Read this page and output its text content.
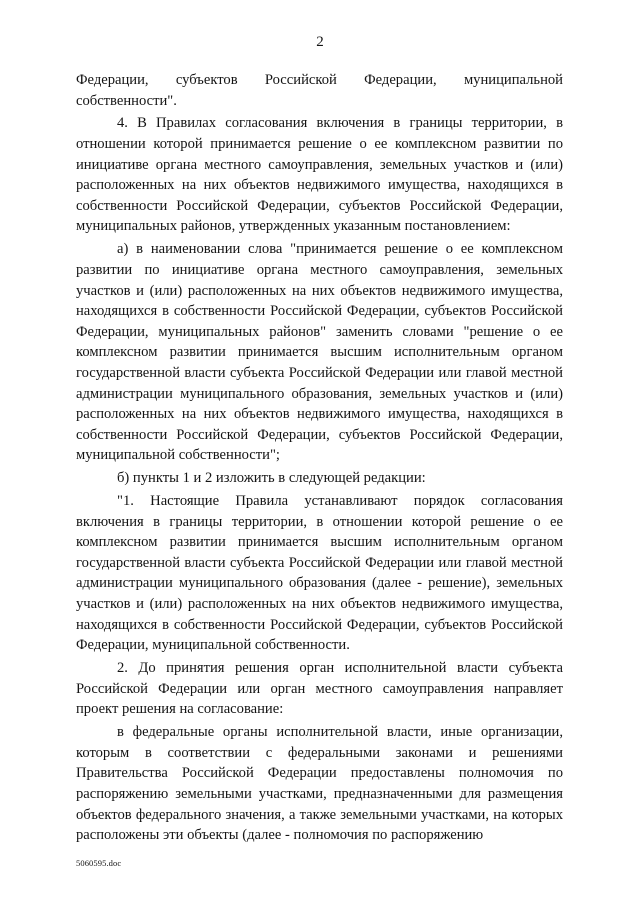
2

Федерации, субъектов Российской Федерации, муниципальной собственности".

4. В Правилах согласования включения в границы территории, в отношении которой принимается решение о ее комплексном развитии по инициативе органа местного самоуправления, земельных участков и (или) расположенных на них объектов недвижимого имущества, находящихся в собственности Российской Федерации, субъектов Российской Федерации, муниципальных районов, утвержденных указанным постановлением:

а) в наименовании слова "принимается решение о ее комплексном развитии по инициативе органа местного самоуправления, земельных участков и (или) расположенных на них объектов недвижимого имущества, находящихся в собственности Российской Федерации, субъектов Российской Федерации, муниципальных районов" заменить словами "решение о ее комплексном развитии принимается высшим исполнительным органом государственной власти субъекта Российской Федерации или главой местной администрации муниципального образования, земельных участков и (или) расположенных на них объектов недвижимого имущества, находящихся в собственности Российской Федерации, субъектов Российской Федерации, муниципальной собственности";

б) пункты 1 и 2 изложить в следующей редакции:

"1. Настоящие Правила устанавливают порядок согласования включения в границы территории, в отношении которой решение о ее комплексном развитии принимается высшим исполнительным органом государственной власти субъекта Российской Федерации или главой местной администрации муниципального образования (далее - решение), земельных участков и (или) расположенных на них объектов недвижимого имущества, находящихся в собственности Российской Федерации, субъектов Российской Федерации, муниципальной собственности.

2. До принятия решения орган исполнительной власти субъекта Российской Федерации или орган местного самоуправления направляет проект решения на согласование:

в федеральные органы исполнительной власти, иные организации, которым в соответствии с федеральными законами и решениями Правительства Российской Федерации предоставлены полномочия по распоряжению земельными участками, предназначенными для размещения объектов федерального значения, а также земельными участками, на которых расположены эти объекты (далее - полномочия по распоряжению

5060595.doc
